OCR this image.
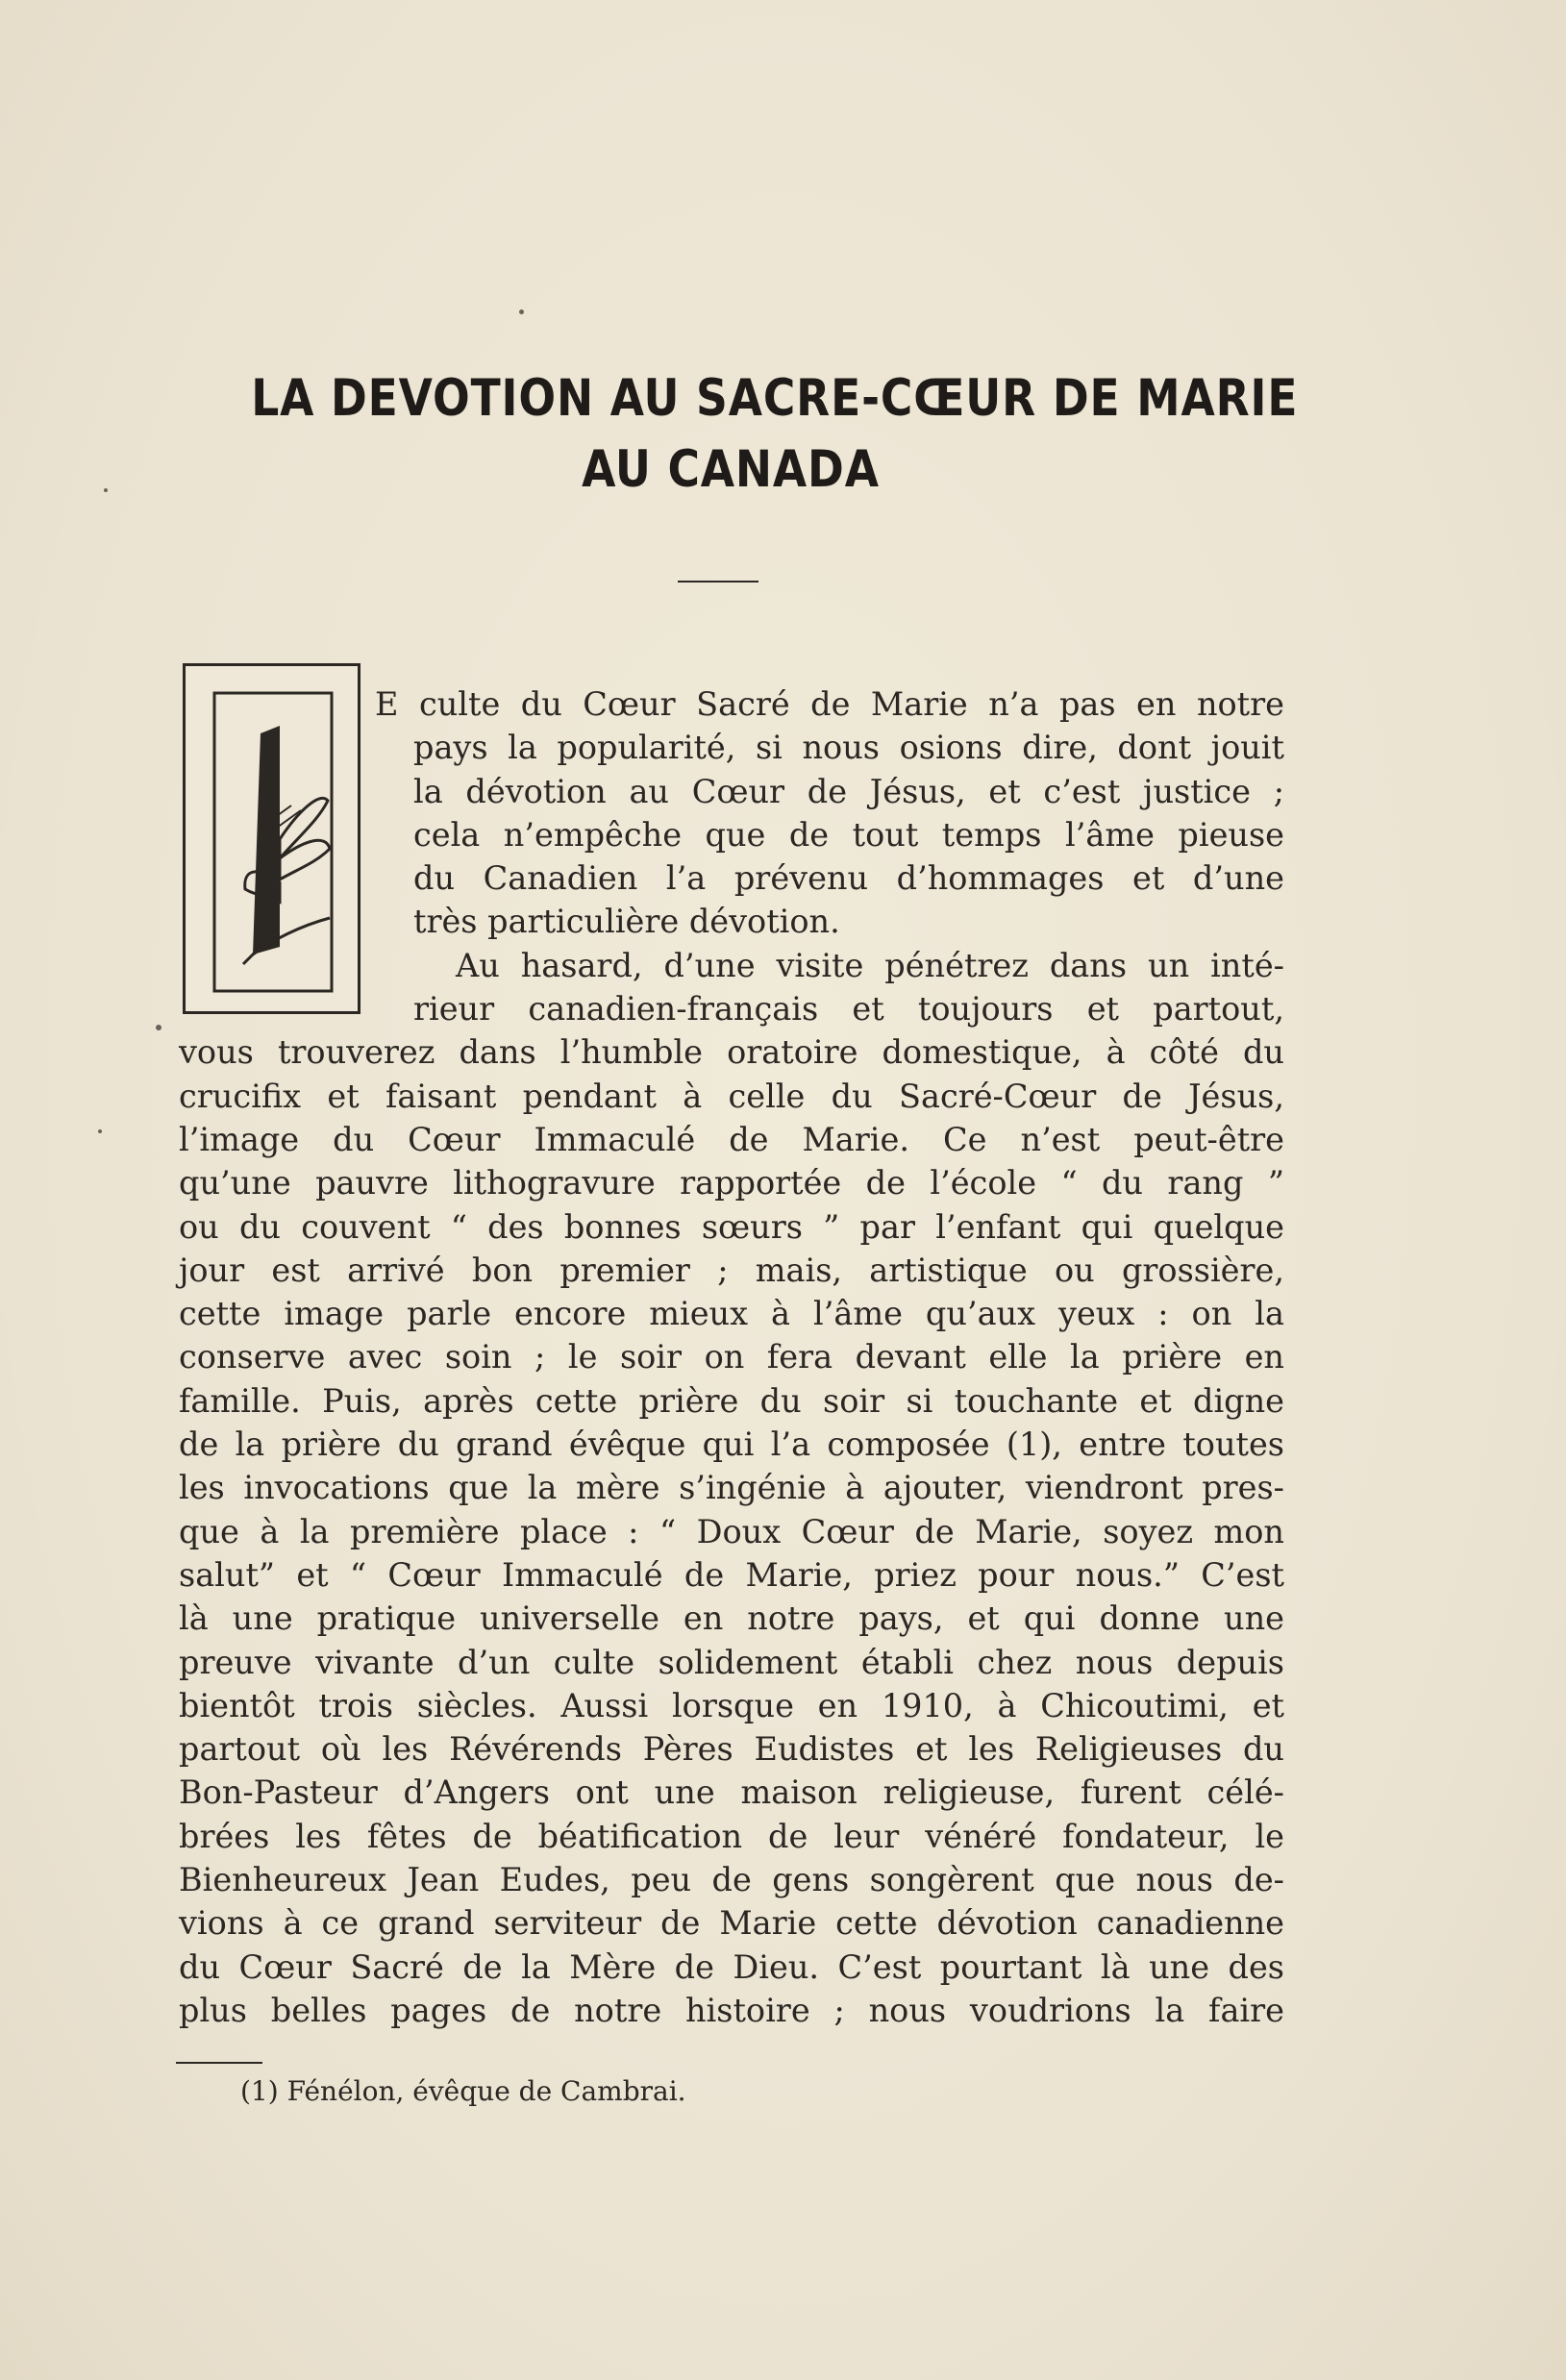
LA DEVOTION AU SACRE-CŒUR DE MARIE
AU CANADA
E culte du Cœur Sacré de Marie n’a pas en notre
pays la popularité, si nous osions dire, dont jouit
la dévotion au Cœur de Jésus, et c’est justice ;
cela n’empêche que de tout temps l’âme pieuse
du Canadien l’a prévenu d’hommages et d’une
très particulière dévotion.
Au hasard, d’une visite pénétrez dans un inté-
rieur canadien-français et toujours et partout,
vous trouverez dans l’humble oratoire domestique, à côté du
crucifix et faisant pendant à celle du Sacré-Cœur de Jésus,
l’image du Cœur Immaculé de Marie. Ce n’est peut-être
qu’une pauvre lithogravure rapportée de l’école “ du rang ”
ou du couvent “ des bonnes sœurs ” par l’enfant qui quelque
jour est arrivé bon premier ; mais, artistique ou grossière,
cette image parle encore mieux à l’âme qu’aux yeux : on la
conserve avec soin ; le soir on fera devant elle la prière en
famille. Puis, après cette prière du soir si touchante et digne
de la prière du grand évêque qui l’a composée (1), entre toutes
les invocations que la mère s’ingénie à ajouter, viendront pres-
que à la première place : “ Doux Cœur de Marie, soyez mon
salut” et “ Cœur Immaculé de Marie, priez pour nous.” C’est
là une pratique universelle en notre pays, et qui donne une
preuve vivante d’un culte solidement établi chez nous depuis
bientôt trois siècles. Aussi lorsque en 1910, à Chicoutimi, et
partout où les Révérends Pères Eudistes et les Religieuses du
Bon-Pasteur d’Angers ont une maison religieuse, furent célé-
brées les fêtes de béatification de leur vénéré fondateur, le
Bienheureux Jean Eudes, peu de gens songèrent que nous de-
vions à ce grand serviteur de Marie cette dévotion canadienne
du Cœur Sacré de la Mère de Dieu. C’est pourtant là une des
plus belles pages de notre histoire ; nous voudrions la faire
(1) Fénélon, évêque de Cambrai.
